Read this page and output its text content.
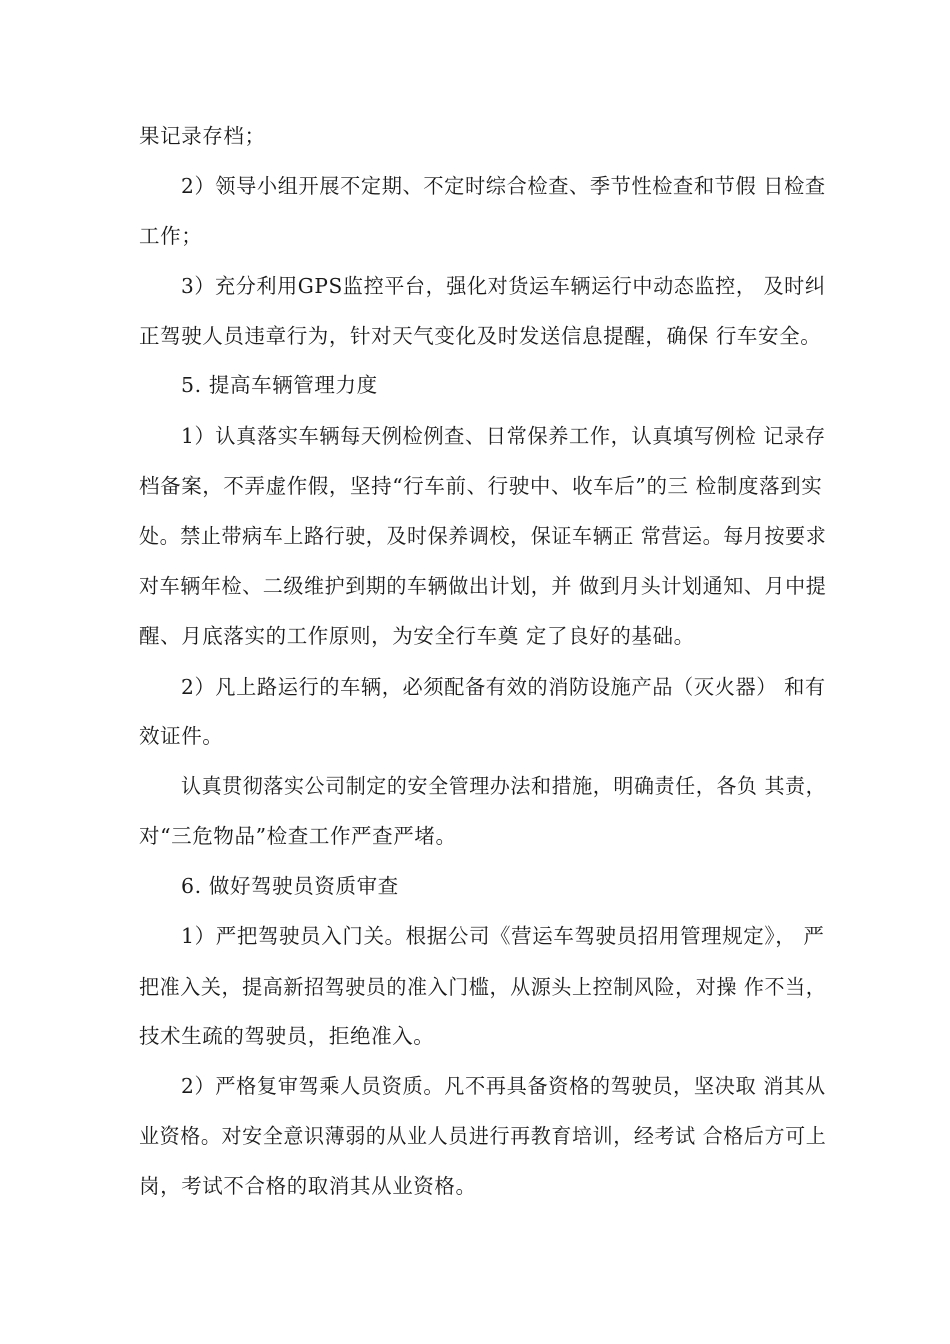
果记录存档；
2）领导小组开展不定期、不定时综合检查、季节性检查和节假 日检查
工作；
3）充分利用GPS监控平台，强化对货运车辆运行中动态监控， 及时纠
正驾驶人员违章行为，针对天气变化及时发送信息提醒，确保 行车安全。
5. 提高车辆管理力度
1）认真落实车辆每天例检例查、日常保养工作，认真填写例检 记录存
档备案，不弄虚作假，坚持“行车前、行驶中、收车后”的三 检制度落到实
处。禁止带病车上路行驶，及时保养调校，保证车辆正 常营运。每月按要求
对车辆年检、二级维护到期的车辆做出计划，并 做到月头计划通知、月中提
醒、月底落实的工作原则，为安全行车奠 定了良好的基础。
2）凡上路运行的车辆，必须配备有效的消防设施产品（灭火器） 和有
效证件。
认真贯彻落实公司制定的安全管理办法和措施，明确责任，各负 其责，
对“三危物品”检查工作严查严堵。
6. 做好驾驶员资质审查
1）严把驾驶员入门关。根据公司《营运车驾驶员招用管理规定》， 严
把准入关，提高新招驾驶员的准入门槛，从源头上控制风险，对操 作不当，
技术生疏的驾驶员，拒绝准入。
2）严格复审驾乘人员资质。凡不再具备资格的驾驶员，坚决取 消其从
业资格。对安全意识薄弱的从业人员进行再教育培训，经考试 合格后方可上
岗，考试不合格的取消其从业资格。
